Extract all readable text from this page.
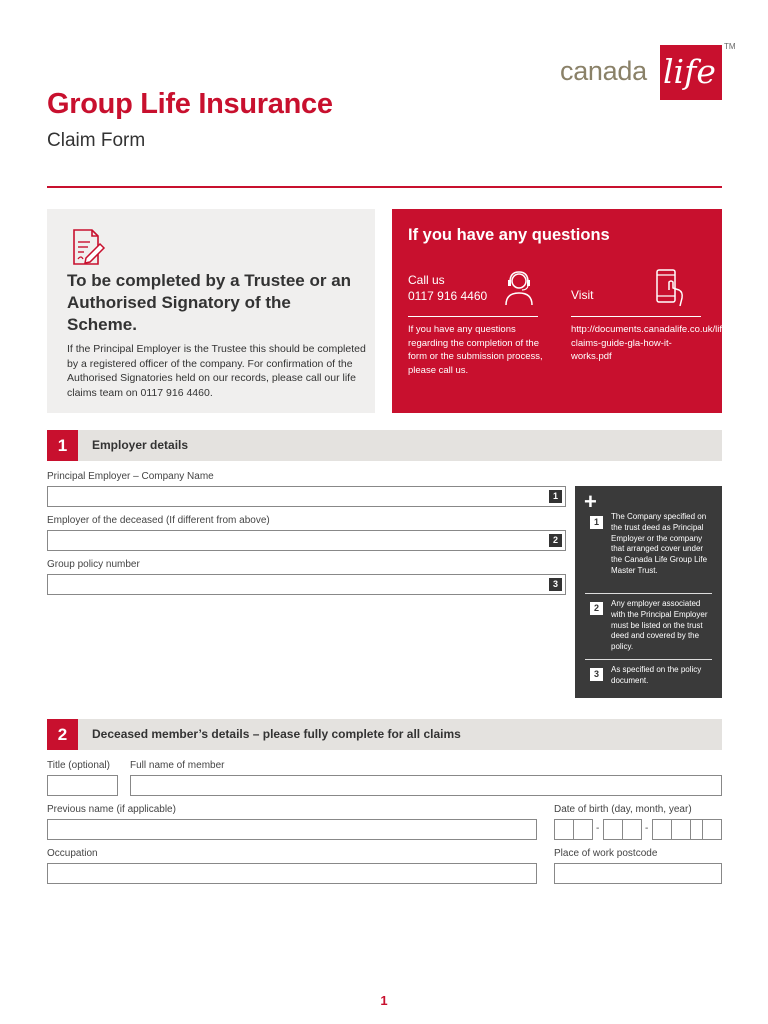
canada life
TM
Group Life Insurance
Claim Form
To be completed by a Trustee or an Authorised Signatory of the Scheme.
If the Principal Employer is the Trustee this should be completed by a registered officer of the company. For confirmation of the Authorised Signatories held on our records, please call our life claims team on 0117 916 4460.
If you have any questions
Call us
0117 916 4460	Visit
If you have any questions regarding the completion of the form or the submission process, please call us.
http://documents.canadalife.co.uk/life-claims-guide-gla-how-it-works.pdf
1	Employer details
Principal Employer – Company Name
1
Employer of the deceased (If different from above)
2
Group policy number
3
+
1
The Company specified on the trust deed as Principal Employer or the company that arranged cover under the Canada Life Group Life Master Trust.
2	Any employer associated with the Principal Employer must be listed on the trust deed and covered by the policy.
3	As specified on the policy document.
2	Deceased member’s details – please fully complete for all claims
Title (optional) Full name of member
Previous name (if applicable)	Date of birth (day, month, year)
-	-
Occupation	Place of work postcode
1
